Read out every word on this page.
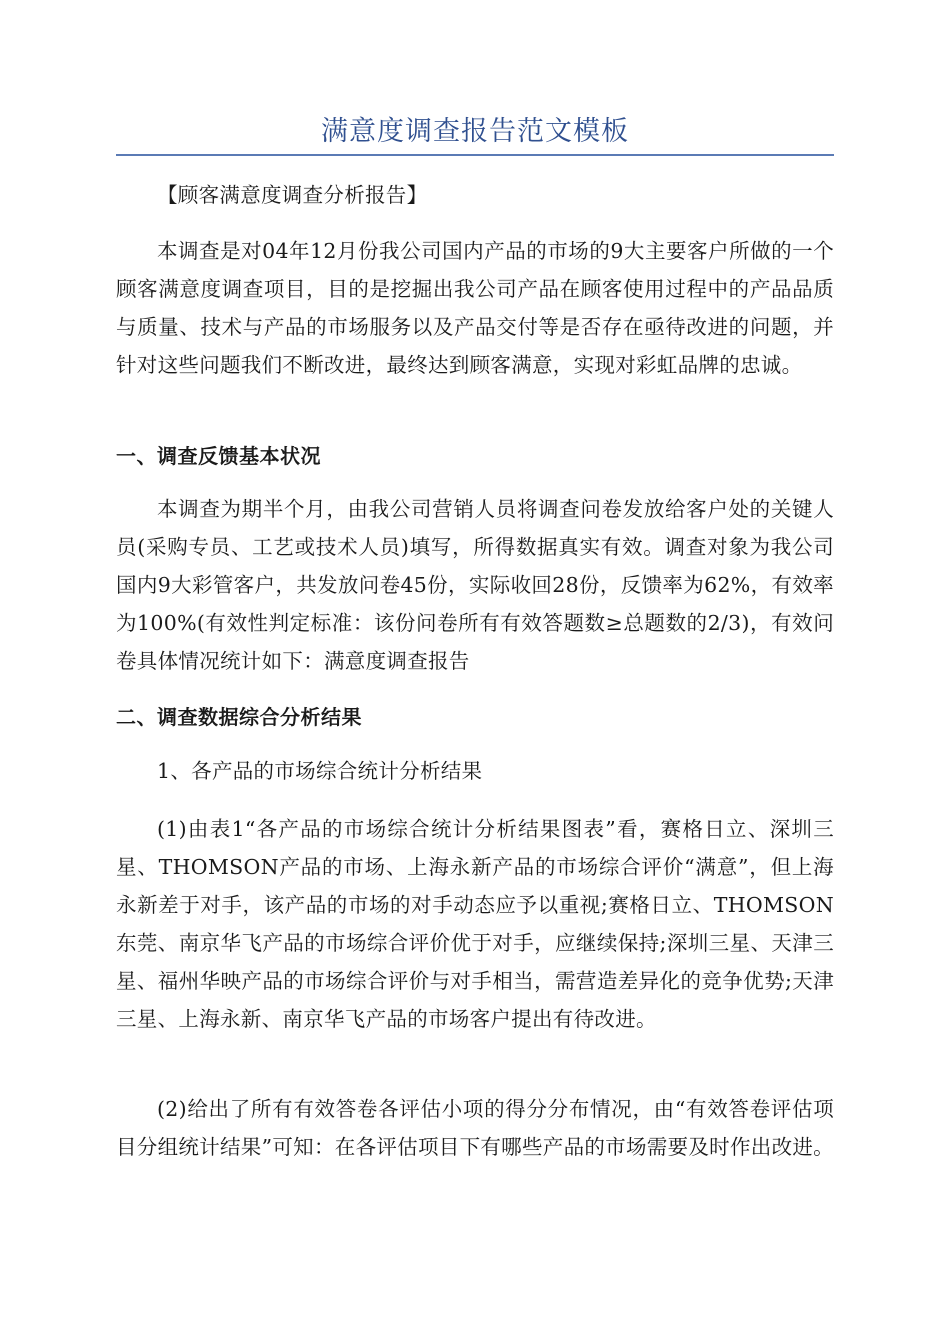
满意度调查报告范文模板
【顾客满意度调查分析报告】
本调查是对04年12月份我公司国内产品的市场的9大主要客户所做的一个顾客满意度调查项目，目的是挖掘出我公司产品在顾客使用过程中的产品品质与质量、技术与产品的市场服务以及产品交付等是否存在亟待改进的问题，并针对这些问题我们不断改进，最终达到顾客满意，实现对彩虹品牌的忠诚。
一、调查反馈基本状况
本调查为期半个月，由我公司营销人员将调查问卷发放给客户处的关键人员(采购专员、工艺或技术人员)填写，所得数据真实有效。调查对象为我公司国内9大彩管客户，共发放问卷45份，实际收回28份，反馈率为62%，有效率为100%(有效性判定标准：该份问卷所有有效答题数≥总题数的2/3)，有效问卷具体情况统计如下：满意度调查报告
二、调查数据综合分析结果
1、各产品的市场综合统计分析结果
(1)由表1“各产品的市场综合统计分析结果图表”看，赛格日立、深圳三星、THOMSON产品的市场、上海永新产品的市场综合评价“满意”，但上海永新差于对手，该产品的市场的对手动态应予以重视;赛格日立、THOMSON东莞、南京华飞产品的市场综合评价优于对手，应继续保持;深圳三星、天津三星、福州华映产品的市场综合评价与对手相当，需营造差异化的竞争优势;天津三星、上海永新、南京华飞产品的市场客户提出有待改进。
(2)给出了所有有效答卷各评估小项的得分分布情况，由“有效答卷评估项目分组统计结果”可知：在各评估项目下有哪些产品的市场需要及时作出改进。
